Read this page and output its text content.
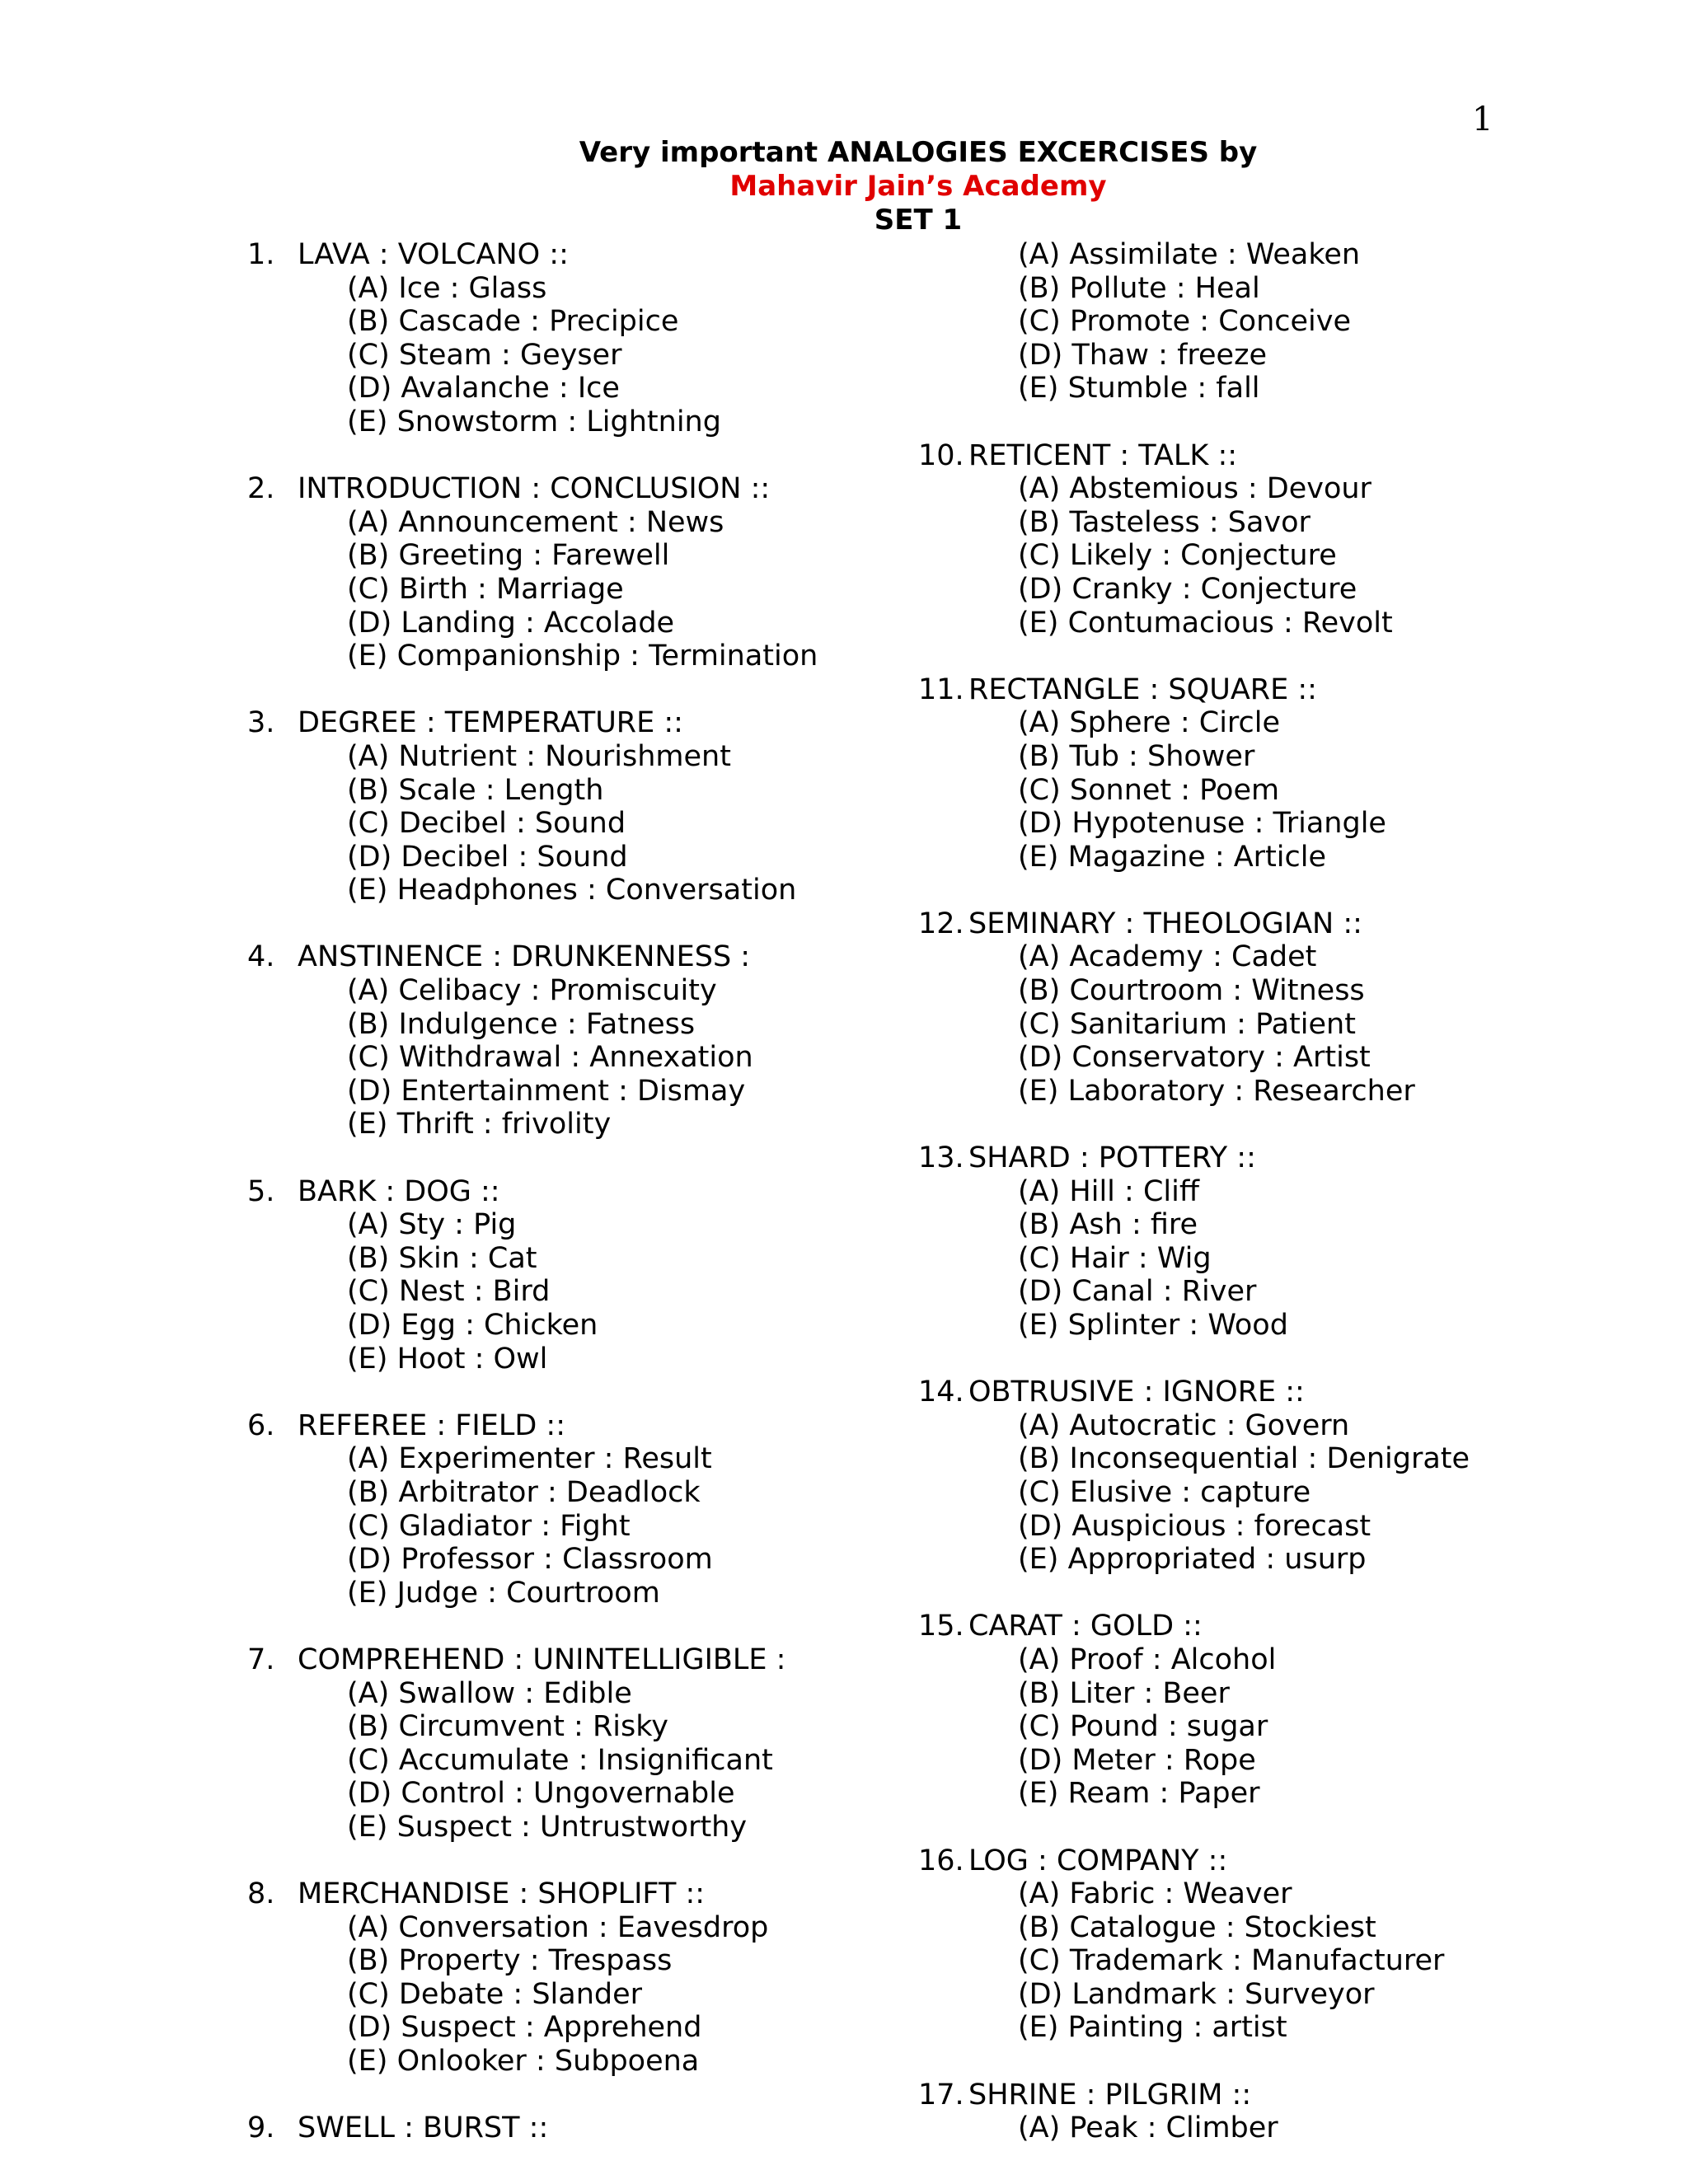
1
Very important ANALOGIES EXCERCISES by
Mahavir Jain’s Academy
SET 1
1. LAVA : VOLCANO ::
(A) Ice : Glass
(B) Cascade : Precipice
(C) Steam : Geyser
(D) Avalanche : Ice
(E) Snowstorm : Lightning
2. INTRODUCTION : CONCLUSION ::
(A) Announcement : News
(B) Greeting : Farewell
(C) Birth : Marriage
(D) Landing : Accolade
(E) Companionship : Termination
3. DEGREE : TEMPERATURE ::
(A) Nutrient : Nourishment
(B) Scale : Length
(C) Decibel : Sound
(D) Decibel : Sound
(E) Headphones : Conversation
4. ANSTINENCE : DRUNKENNESS :
(A) Celibacy : Promiscuity
(B) Indulgence : Fatness
(C) Withdrawal : Annexation
(D) Entertainment : Dismay
(E) Thrift : frivolity
5. BARK : DOG ::
(A) Sty : Pig
(B) Skin : Cat
(C) Nest : Bird
(D) Egg : Chicken
(E) Hoot : Owl
6. REFEREE : FIELD ::
(A) Experimenter : Result
(B) Arbitrator : Deadlock
(C) Gladiator : Fight
(D) Professor : Classroom
(E) Judge : Courtroom
7. COMPREHEND : UNINTELLIGIBLE :
(A) Swallow : Edible
(B) Circumvent : Risky
(C) Accumulate : Insignificant
(D) Control : Ungovernable
(E) Suspect : Untrustworthy
8. MERCHANDISE : SHOPLIFT ::
(A) Conversation : Eavesdrop
(B) Property : Trespass
(C) Debate : Slander
(D) Suspect : Apprehend
(E) Onlooker : Subpoena
9. SWELL : BURST ::
(A) Assimilate : Weaken
(B) Pollute : Heal
(C) Promote : Conceive
(D) Thaw : freeze
(E) Stumble : fall
10. RETICENT : TALK ::
(A) Abstemious : Devour
(B) Tasteless : Savor
(C) Likely : Conjecture
(D) Cranky : Conjecture
(E) Contumacious : Revolt
11. RECTANGLE : SQUARE ::
(A) Sphere : Circle
(B) Tub : Shower
(C) Sonnet : Poem
(D) Hypotenuse : Triangle
(E) Magazine : Article
12. SEMINARY : THEOLOGIAN ::
(A) Academy : Cadet
(B) Courtroom : Witness
(C) Sanitarium : Patient
(D) Conservatory : Artist
(E) Laboratory : Researcher
13. SHARD : POTTERY ::
(A) Hill : Cliff
(B) Ash : fire
(C) Hair : Wig
(D) Canal : River
(E) Splinter : Wood
14. OBTRUSIVE : IGNORE ::
(A) Autocratic : Govern
(B) Inconsequential : Denigrate
(C) Elusive : capture
(D) Auspicious : forecast
(E) Appropriated : usurp
15. CARAT : GOLD ::
(A) Proof : Alcohol
(B) Liter : Beer
(C) Pound : sugar
(D) Meter : Rope
(E) Ream : Paper
16. LOG : COMPANY ::
(A) Fabric : Weaver
(B) Catalogue : Stockiest
(C) Trademark : Manufacturer
(D) Landmark : Surveyor
(E) Painting : artist
17. SHRINE : PILGRIM ::
(A) Peak : Climber
